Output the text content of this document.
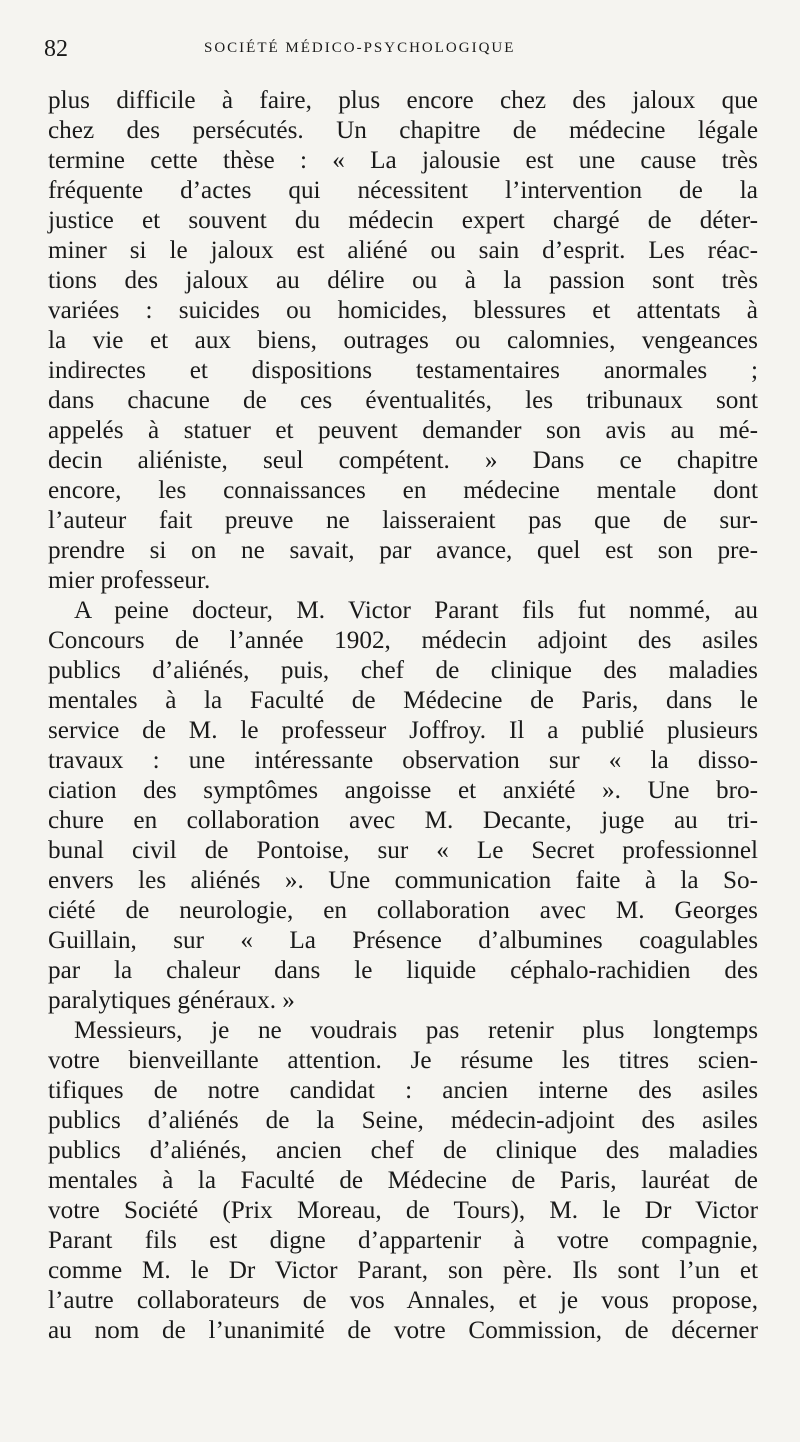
82	SOCIÉTÉ MÉDICO-PSYCHOLOGIQUE
plus difficile à faire, plus encore chez des jaloux que
chez des persécutés. Un chapitre de médecine légale
termine cette thèse : « La jalousie est une cause très
fréquente d’actes qui nécessitent l’intervention de la
justice et souvent du médecin expert chargé de déter-
miner si le jaloux est aliéné ou sain d’esprit. Les réac-
tions des jaloux au délire ou à la passion sont très
variées : suicides ou homicides, blessures et attentats à
la vie et aux biens, outrages ou calomnies, vengeances
indirectes et dispositions testamentaires anormales ;
dans chacune de ces éventualités, les tribunaux sont
appelés à statuer et peuvent demander son avis au mé-
decin aliéniste, seul compétent. » Dans ce chapitre
encore, les connaissances en médecine mentale dont
l’auteur fait preuve ne laisseraient pas que de sur-
prendre si on ne savait, par avance, quel est son pre-
mier professeur.
A peine docteur, M. Victor Parant fils fut nommé, au
Concours de l’année 1902, médecin adjoint des asiles
publics d’aliénés, puis, chef de clinique des maladies
mentales à la Faculté de Médecine de Paris, dans le
service de M. le professeur Joffroy. Il a publié plusieurs
travaux : une intéressante observation sur « la disso-
ciation des symptômes angoisse et anxiété ». Une bro-
chure en collaboration avec M. Decante, juge au tri-
bunal civil de Pontoise, sur « Le Secret professionnel
envers les aliénés ». Une communication faite à la So-
ciété de neurologie, en collaboration avec M. Georges
Guillain, sur « La Présence d’albumines coagulables
par la chaleur dans le liquide céphalo-rachidien des
paralytiques généraux. »
Messieurs, je ne voudrais pas retenir plus longtemps
votre bienveillante attention. Je résume les titres scien-
tifiques de notre candidat : ancien interne des asiles
publics d’aliénés de la Seine, médecin-adjoint des asiles
publics d’aliénés, ancien chef de clinique des maladies
mentales à la Faculté de Médecine de Paris, lauréat de
votre Société (Prix Moreau, de Tours), M. le Dr Victor
Parant fils est digne d’appartenir à votre compagnie,
comme M. le Dr Victor Parant, son père. Ils sont l’un et
l’autre collaborateurs de vos Annales, et je vous propose,
au nom de l’unanimité de votre Commission, de décerner
